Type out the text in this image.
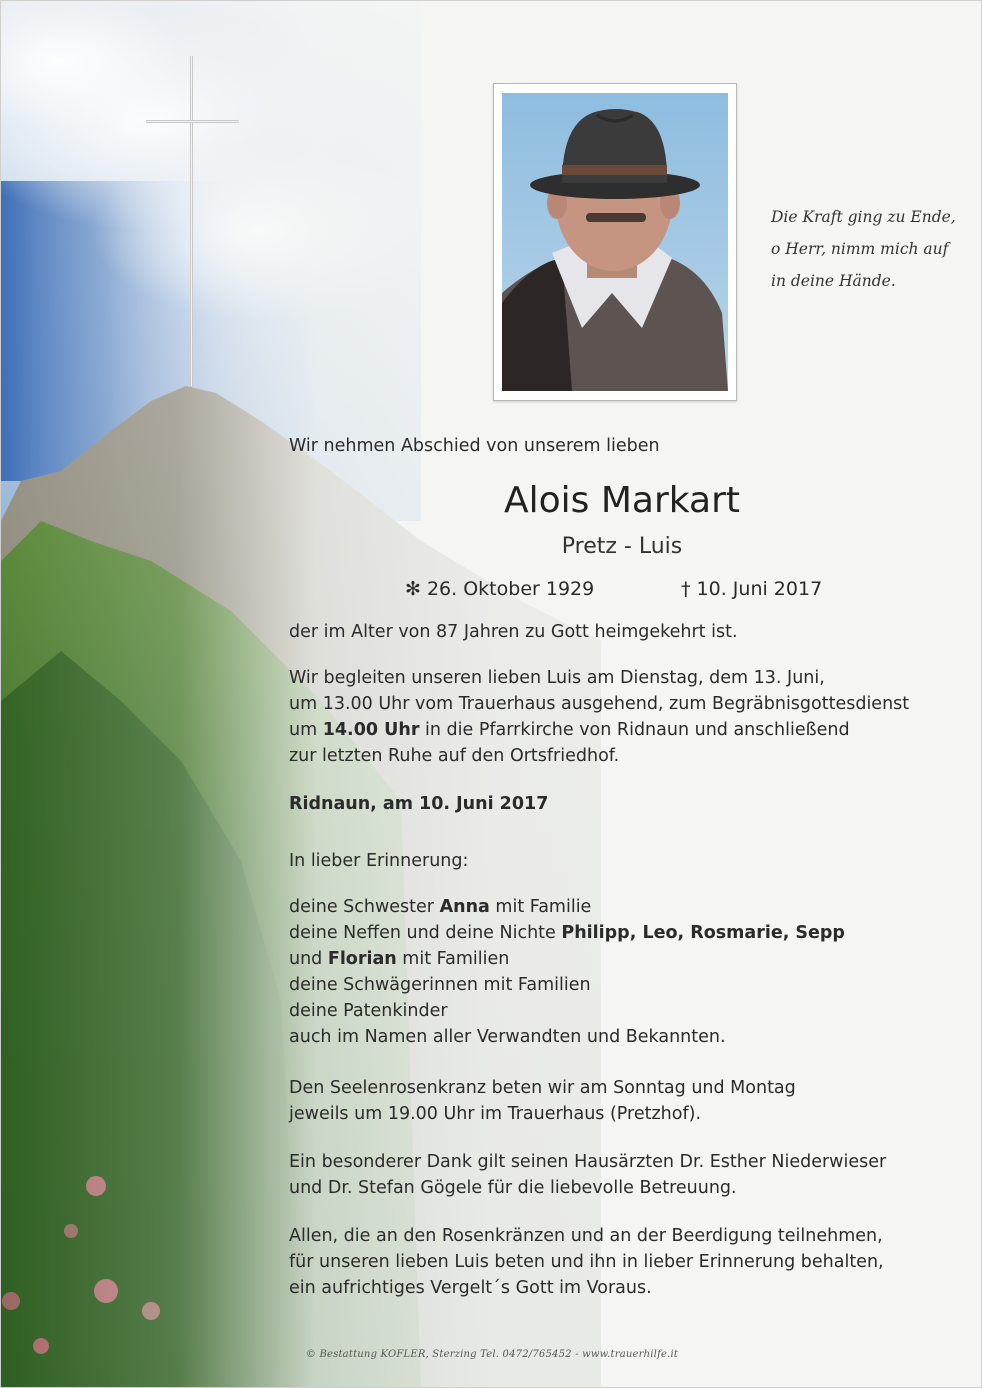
Die Kraft ging zu Ende,
o Herr, nimm mich auf
in deine Hände.
Wir nehmen Abschied von unserem lieben
Alois Markart
Pretz - Luis
✻ 26. Oktober 1929	† 10. Juni 2017
der im Alter von 87 Jahren zu Gott heimgekehrt ist.
Wir begleiten unseren lieben Luis am Dienstag, dem 13. Juni,
um 13.00 Uhr vom Trauerhaus ausgehend, zum Begräbnisgottesdienst
um 14.00 Uhr in die Pfarrkirche von Ridnaun und anschließend
zur letzten Ruhe auf den Ortsfriedhof.
Ridnaun, am 10. Juni 2017
In lieber Erinnerung:
deine Schwester Anna mit Familie
deine Neffen und deine Nichte Philipp, Leo, Rosmarie, Sepp
und Florian mit Familien
deine Schwägerinnen mit Familien
deine Patenkinder
auch im Namen aller Verwandten und Bekannten.
Den Seelenrosenkranz beten wir am Sonntag und Montag
jeweils um 19.00 Uhr im Trauerhaus (Pretzhof).
Ein besonderer Dank gilt seinen Hausärzten Dr. Esther Niederwieser
und Dr. Stefan Gögele für die liebevolle Betreuung.
Allen, die an den Rosenkränzen und an der Beerdigung teilnehmen,
für unseren lieben Luis beten und ihn in lieber Erinnerung behalten,
ein aufrichtiges Vergelt´s Gott im Voraus.
© Bestattung KOFLER, Sterzing Tel. 0472/765452 - www.trauerhilfe.it
